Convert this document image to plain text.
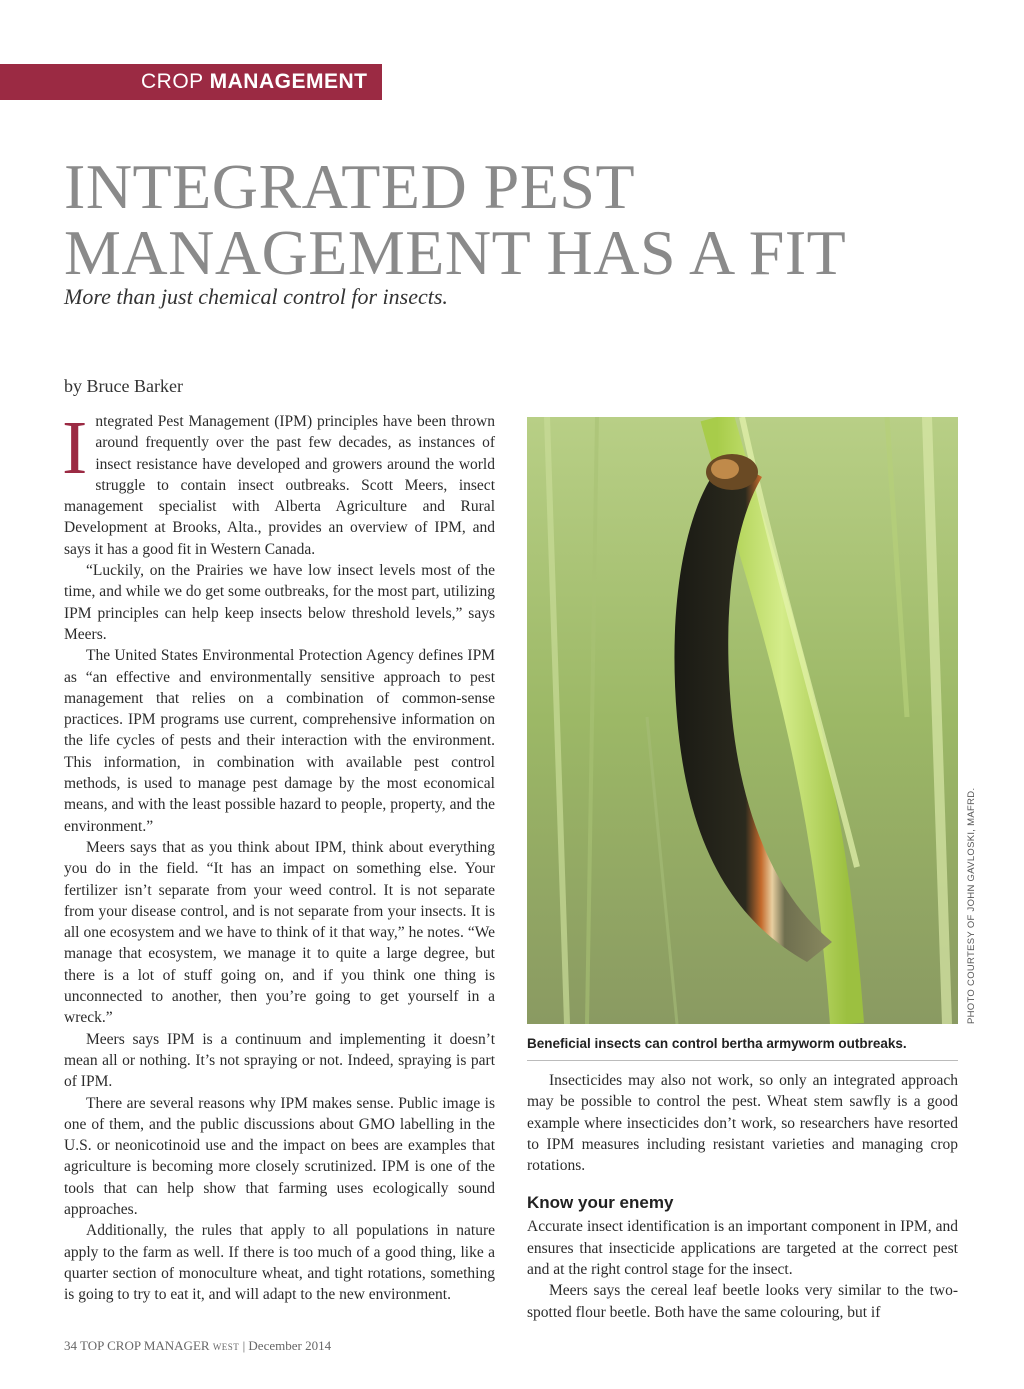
CROP MANAGEMENT
INTEGRATED PEST
MANAGEMENT HAS A FIT
More than just chemical control for insects.
by Bruce Barker

Integrated Pest Management (IPM) principles have been thrown around frequently over the past few decades, as instances of insect resistance have developed and growers around the world struggle to contain insect outbreaks. Scott Meers, insect management specialist with Alberta Agriculture and Rural Development at Brooks, Alta., provides an overview of IPM, and says it has a good fit in Western Canada.

“Luckily, on the Prairies we have low insect levels most of the time, and while we do get some outbreaks, for the most part, utilizing IPM principles can help keep insects below threshold levels,” says Meers.

The United States Environmental Protection Agency defines IPM as “an effective and environmentally sensitive approach to pest management that relies on a combination of common-sense practices. IPM programs use current, comprehensive information on the life cycles of pests and their interaction with the environment. This information, in combination with available pest control methods, is used to manage pest damage by the most economical means, and with the least possible hazard to people, property, and the environment.”

Meers says that as you think about IPM, think about everything you do in the field. “It has an impact on something else. Your fertilizer isn’t separate from your weed control. It is not separate from your disease control, and is not separate from your insects. It is all one ecosystem and we have to think of it that way,” he notes. “We manage that ecosystem, we manage it to quite a large degree, but there is a lot of stuff going on, and if you think one thing is unconnected to another, then you’re going to get yourself in a wreck.”

Meers says IPM is a continuum and implementing it doesn’t mean all or nothing. It’s not spraying or not. Indeed, spraying is part of IPM.

There are several reasons why IPM makes sense. Public image is one of them, and the public discussions about GMO labelling in the U.S. or neonicotinoid use and the impact on bees are examples that agriculture is becoming more closely scrutinized. IPM is one of the tools that can help show that farming uses ecologically sound approaches.

Additionally, the rules that apply to all populations in nature apply to the farm as well. If there is too much of a good thing, like a quarter section of monoculture wheat, and tight rotations, something is going to try to eat it, and will adapt to the new environment.

PHOTO COURTESY OF JOHN GAVLOSKI, MAFRD.
Beneficial insects can control bertha armyworm outbreaks.

Insecticides may also not work, so only an integrated approach may be possible to control the pest. Wheat stem sawfly is a good example where insecticides don’t work, so researchers have resorted to IPM measures including resistant varieties and managing crop rotations.

Know your enemy

Accurate insect identification is an important component in IPM, and ensures that insecticide applications are targeted at the correct pest and at the right control stage for the insect.

Meers says the cereal leaf beetle looks very similar to the two-spotted flour beetle. Both have the same colouring, but if

34 TOP CROP MANAGER WEST | December 2014
